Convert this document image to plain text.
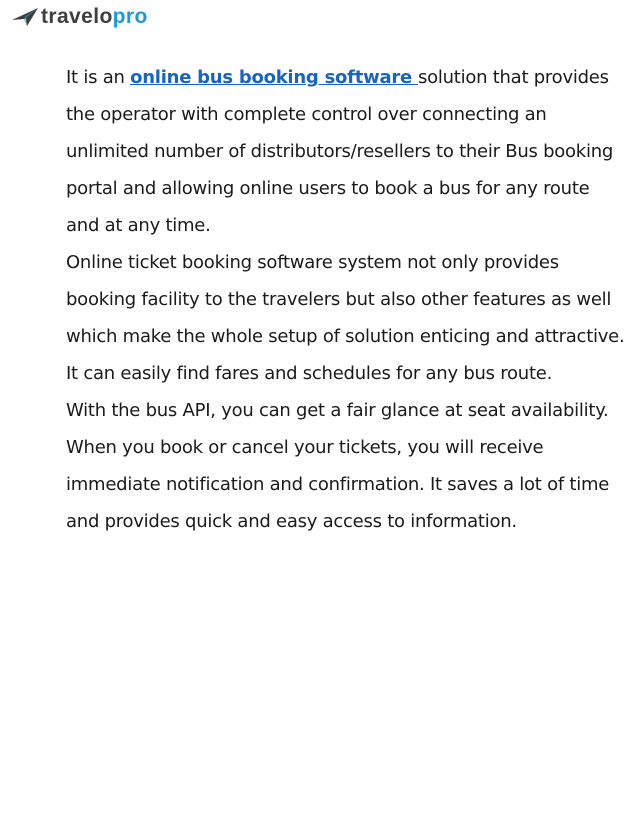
travelopro

It is an online bus booking software solution that provides the operator with complete control over connecting an unlimited number of distributors/resellers to their Bus booking portal and allowing online users to book a bus for any route and at any time.

Online ticket booking software system not only provides booking facility to the travelers but also other features as well which make the whole setup of solution enticing and attractive. It can easily find fares and schedules for any bus route.

With the bus API, you can get a fair glance at seat availability. When you book or cancel your tickets, you will receive immediate notification and confirmation. It saves a lot of time and provides quick and easy access to information.
